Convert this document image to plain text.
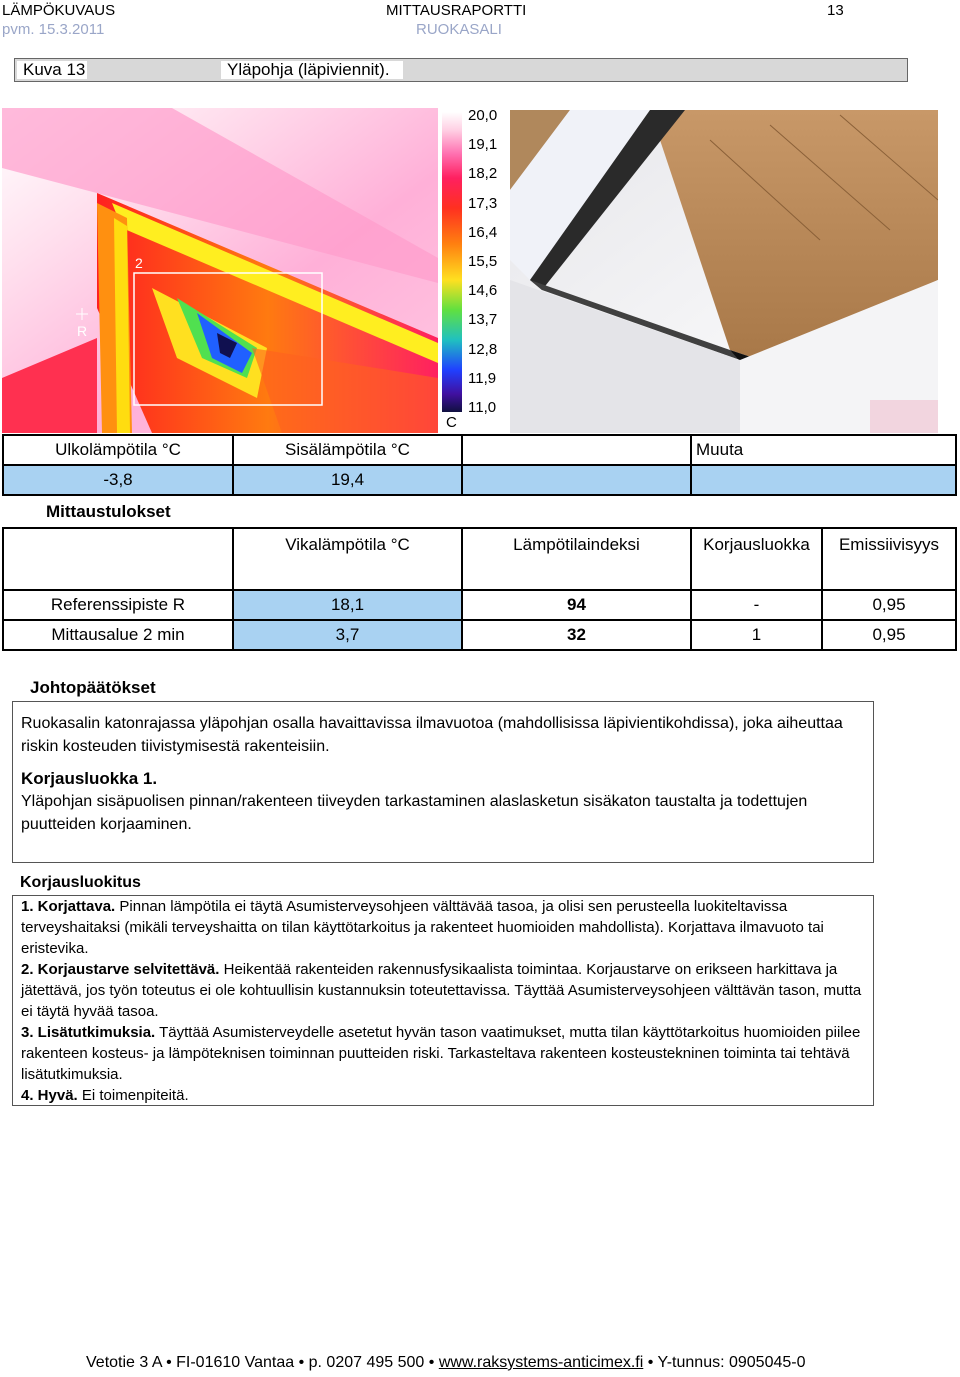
LÄMPÖKUVAUS
pvm. 15.3.2011
MITTAUSRAPORTTI
RUOKASALI
13
Kuva 13	Yläpohja (läpiviennit).
2
R
20,0
19,1
18,2
17,3
16,4
15,5
14,6
13,7
12,8
11,9
11,0
C
Ulkolämpötila °C	Sisälämpötila °C		Muuta
-3,8	19,4		
Mittaustulokset
	Vikalämpötila °C	Lämpötilaindeksi	Korjausluokka	Emissiivisyys
Referenssipiste R	18,1	94	-	0,95
Mittausalue 2 min	3,7	32	1	0,95
Johtopäätökset
Ruokasalin katonrajassa yläpohjan osalla havaittavissa ilmavuotoa (mahdollisissa läpivientikohdissa), joka aiheuttaa riskin kosteuden tiivistymisestä rakenteisiin.
Korjausluokka 1.
Yläpohjan sisäpuolisen pinnan/rakenteen tiiveyden tarkastaminen alaslasketun sisäkaton taustalta ja todettujen puutteiden korjaaminen.
Korjausluokitus
1. Korjattava. Pinnan lämpötila ei täytä Asumisterveysohjeen välttävää tasoa, ja olisi sen perusteella luokiteltavissa terveyshaitaksi (mikäli terveyshaitta on tilan käyttötarkoitus ja rakenteet huomioiden mahdollista). Korjattava ilmavuoto tai eristevika.
2. Korjaustarve selvitettävä. Heikentää rakenteiden rakennusfysikaalista toimintaa. Korjaustarve on erikseen harkittava ja jätettävä, jos työn toteutus ei ole kohtuullisin kustannuksin toteutettavissa. Täyttää Asumisterveysohjeen välttävän tason, mutta ei täytä hyvää tasoa.
3. Lisätutkimuksia. Täyttää Asumisterveydelle asetetut hyvän tason vaatimukset, mutta tilan käyttötarkoitus huomioiden piilee rakenteen kosteus- ja lämpöteknisen toiminnan puutteiden riski. Tarkasteltava rakenteen kosteustekninen toiminta tai tehtävä lisätutkimuksia.
4. Hyvä. Ei toimenpiteitä.
Vetotie 3 A • FI-01610 Vantaa • p. 0207 495 500 • www.raksystems-anticimex.fi • Y-tunnus: 0905045-0
